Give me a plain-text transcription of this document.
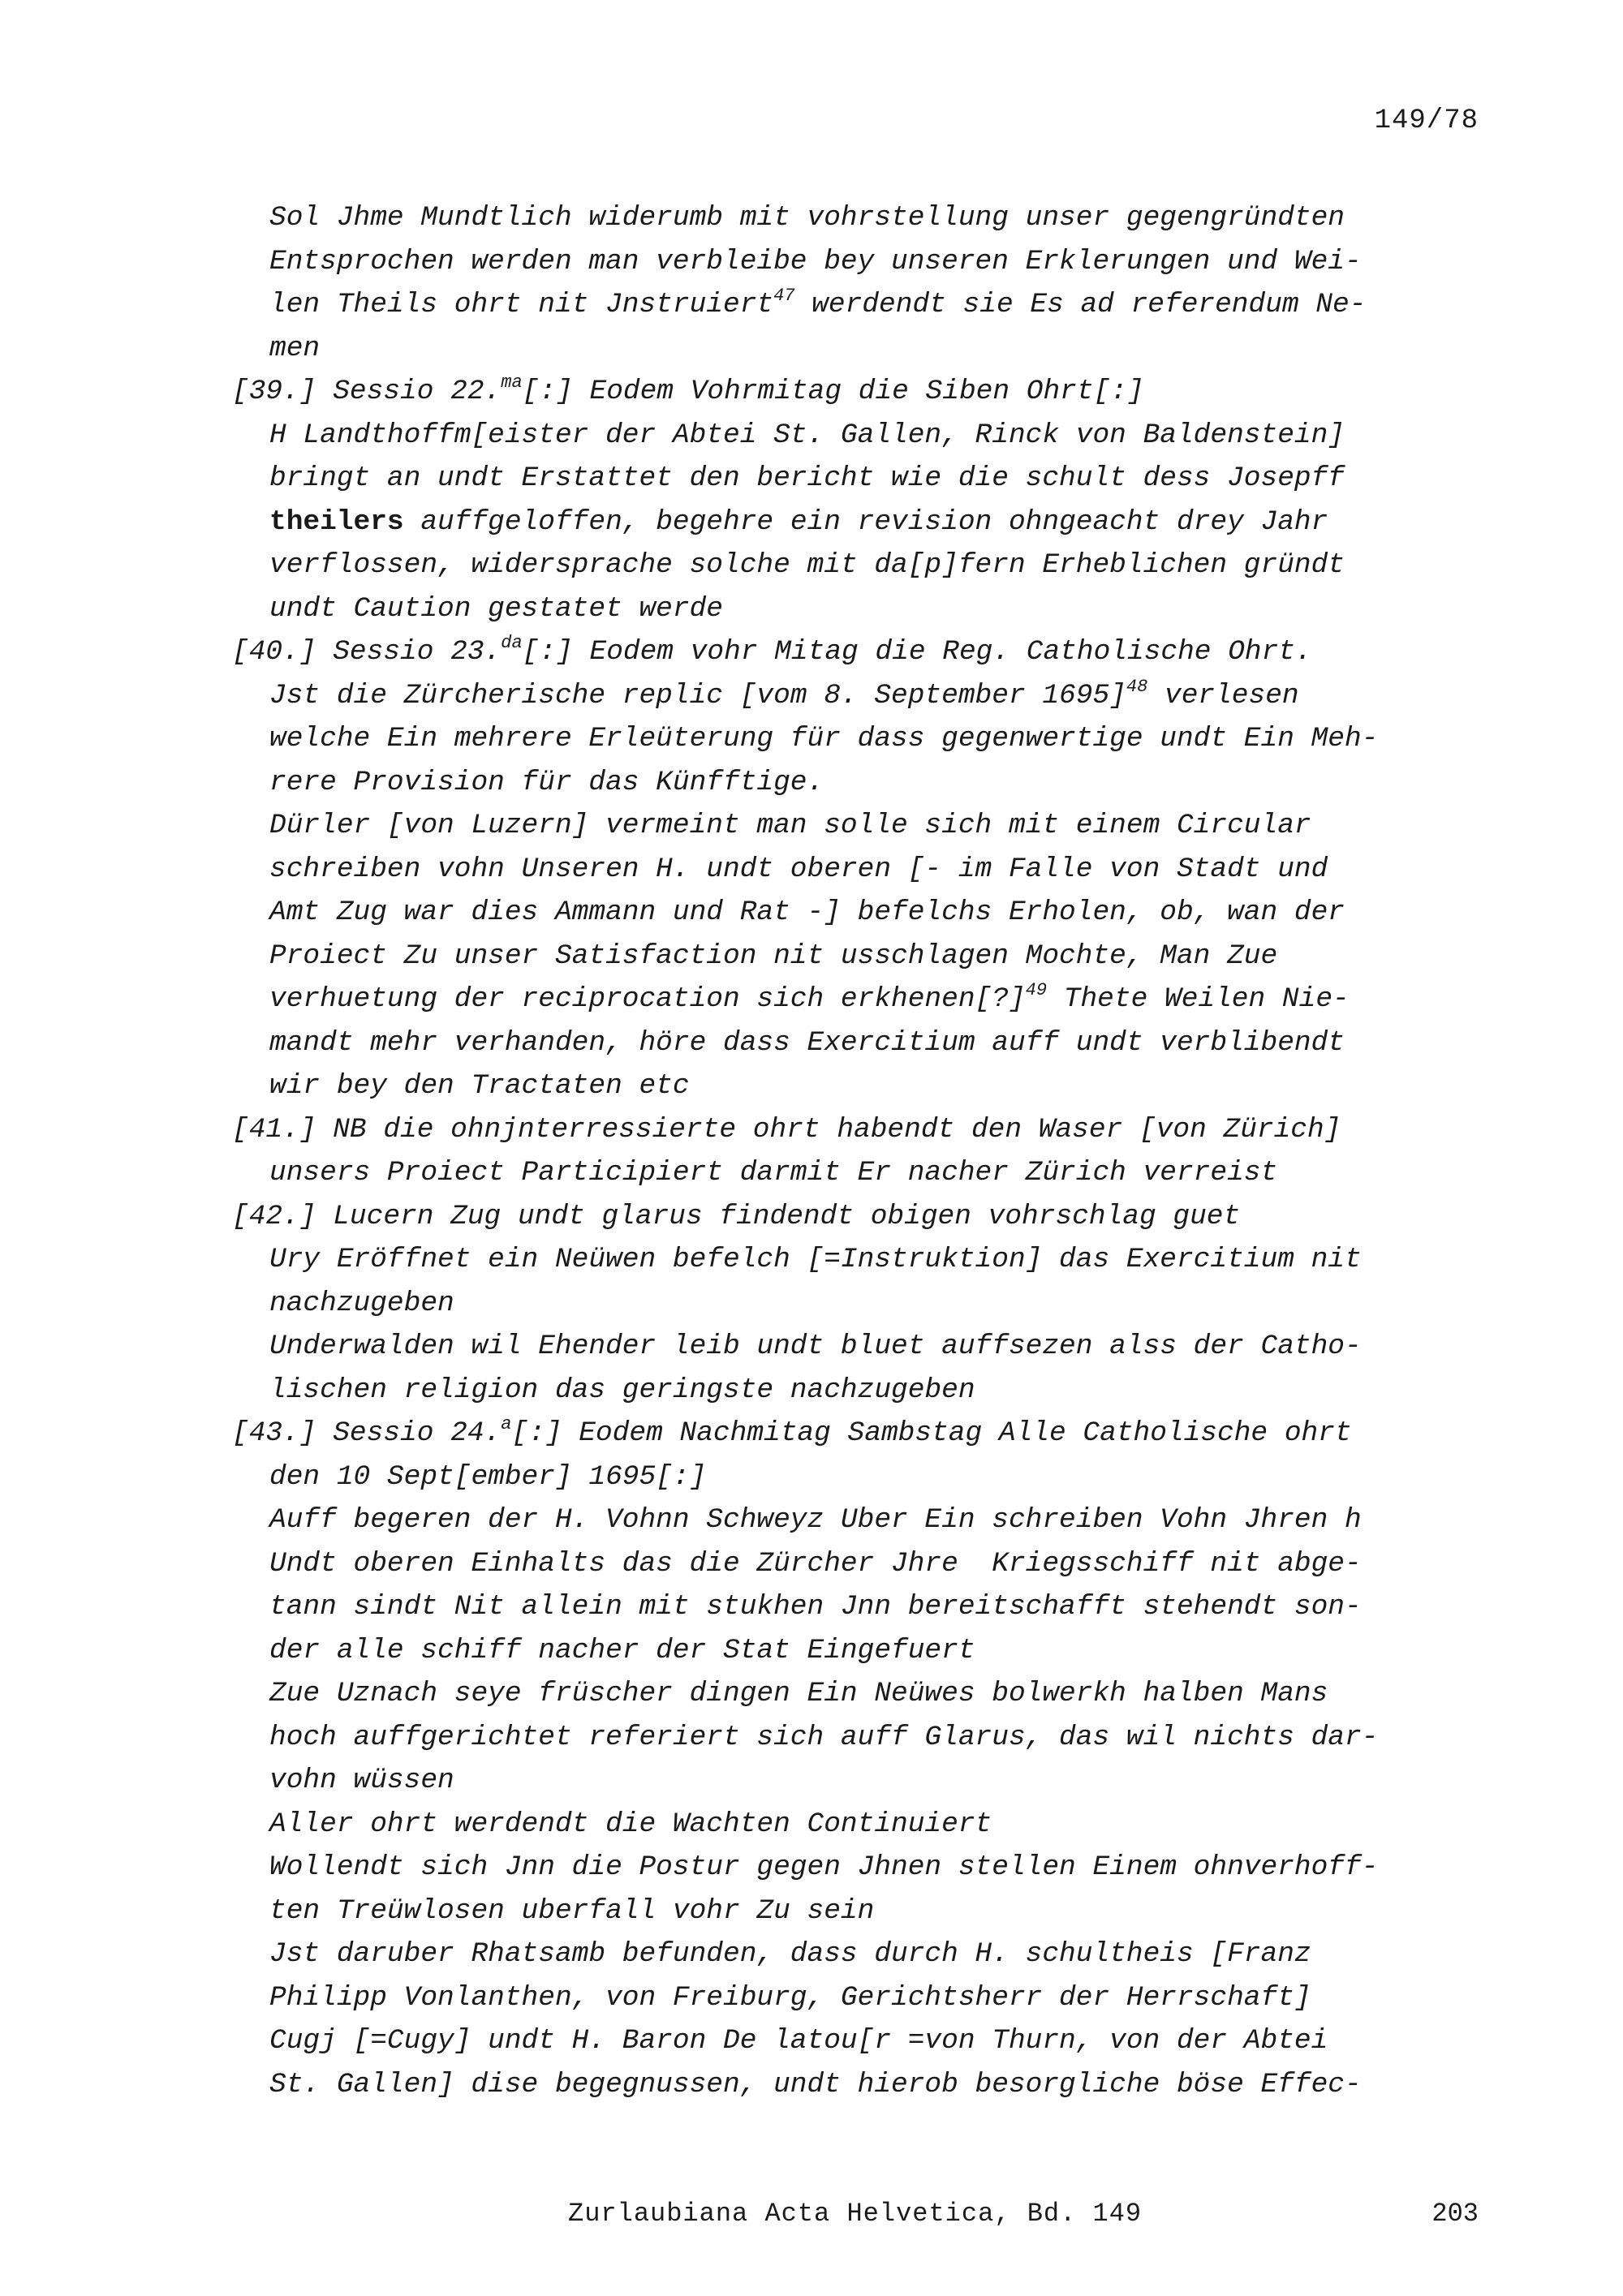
149/78
Sol Jhme Mundtlich widerumb mit vohrstellung unser gegengründten
Entsprochen werden man verbleibe bey unseren Erklerungen und Wei-
len Theils ohrt nit Jnstruiert$^{47}$ werdendt sie Es ad referendum Ne-
men
[39.] Sessio 22.$^{ma}$[:] Eodem Vohrmitag die Siben Ohrt[:]
H Landthoffm[eister der Abtei St. Gallen, Rinck von Baldenstein]
bringt an undt Erstattet den bericht wie die schult dess Josepff
theilers auffgeloffen, begehre ein revision ohngeacht drey Jahr
verflossen, widersprache solche mit da[p]fern Erheblichen gründt
undt Caution gestatet werde
[40.] Sessio 23.$^{da}$[:] Eodem vohr Mitag die Reg. Catholische Ohrt.
Jst die Zürcherische replic [vom 8. September 1695]$^{48}$ verlesen
welche Ein mehrere Erleüterung für dass gegenwertige undt Ein Meh-
rere Provision für das Künfftige.
Dürler [von Luzern] vermeint man solle sich mit einem Circular
schreiben vohn Unseren H. undt oberen [- im Falle von Stadt und
Amt Zug war dies Ammann und Rat -] befelchs Erholen, ob, wan der
Proiect Zu unser Satisfaction nit usschlagen Mochte, Man Zue
verhuetung der reciprocation sich erkhenen[?]$^{49}$ Thete Weilen Nie-
mandt mehr verhanden, höre dass Exercitium auff undt verblibendt
wir bey den Tractaten etc
[41.] NB die ohnjnterressierte ohrt habendt den Waser [von Zürich]
unsers Proiect Participiert darmit Er nacher Zürich verreist
[42.] Lucern Zug undt glarus findendt obigen vohrschlag guet
Ury Eröffnet ein Neüwen befelch [=Instruktion] das Exercitium nit
nachzugeben
Underwalden wil Ehender leib undt bluet auffsezen alss der Catho-
lischen religion das geringste nachzugeben
[43.] Sessio 24.$^a$[:] Eodem Nachmitag Sambstag Alle Catholische ohrt
den 10 Sept[ember] 1695[:]
Auff begeren der H. Vohnn Schweyz Uber Ein schreiben Vohn Jhren h
Undt oberen Einhalts das die Zürcher Jhre  Kriegsschiff nit abge-
tann sindt Nit allein mit stukhen Jnn bereitschafft stehendt son-
der alle schiff nacher der Stat Eingefuert
Zue Uznach seye früscher dingen Ein Neüwes bolwerkh halben Mans
hoch auffgerichtet referiert sich auff Glarus, das wil nichts dar-
vohn wüssen
Aller ohrt werdendt die Wachten Continuiert
Wollendt sich Jnn die Postur gegen Jhnen stellen Einem ohnverhoff-
ten Treüwlosen uberfall vohr Zu sein
Jst daruber Rhatsamb befunden, dass durch H. schultheis [Franz
Philipp Vonlanthen, von Freiburg, Gerichtsherr der Herrschaft]
Cugj [=Cugy] undt H. Baron De latou[r =von Thurn, von der Abtei
St. Gallen] dise begegnussen, undt hierob besorgliche böse Effec-
Zurlaubiana Acta Helvetica, Bd. 149	203
